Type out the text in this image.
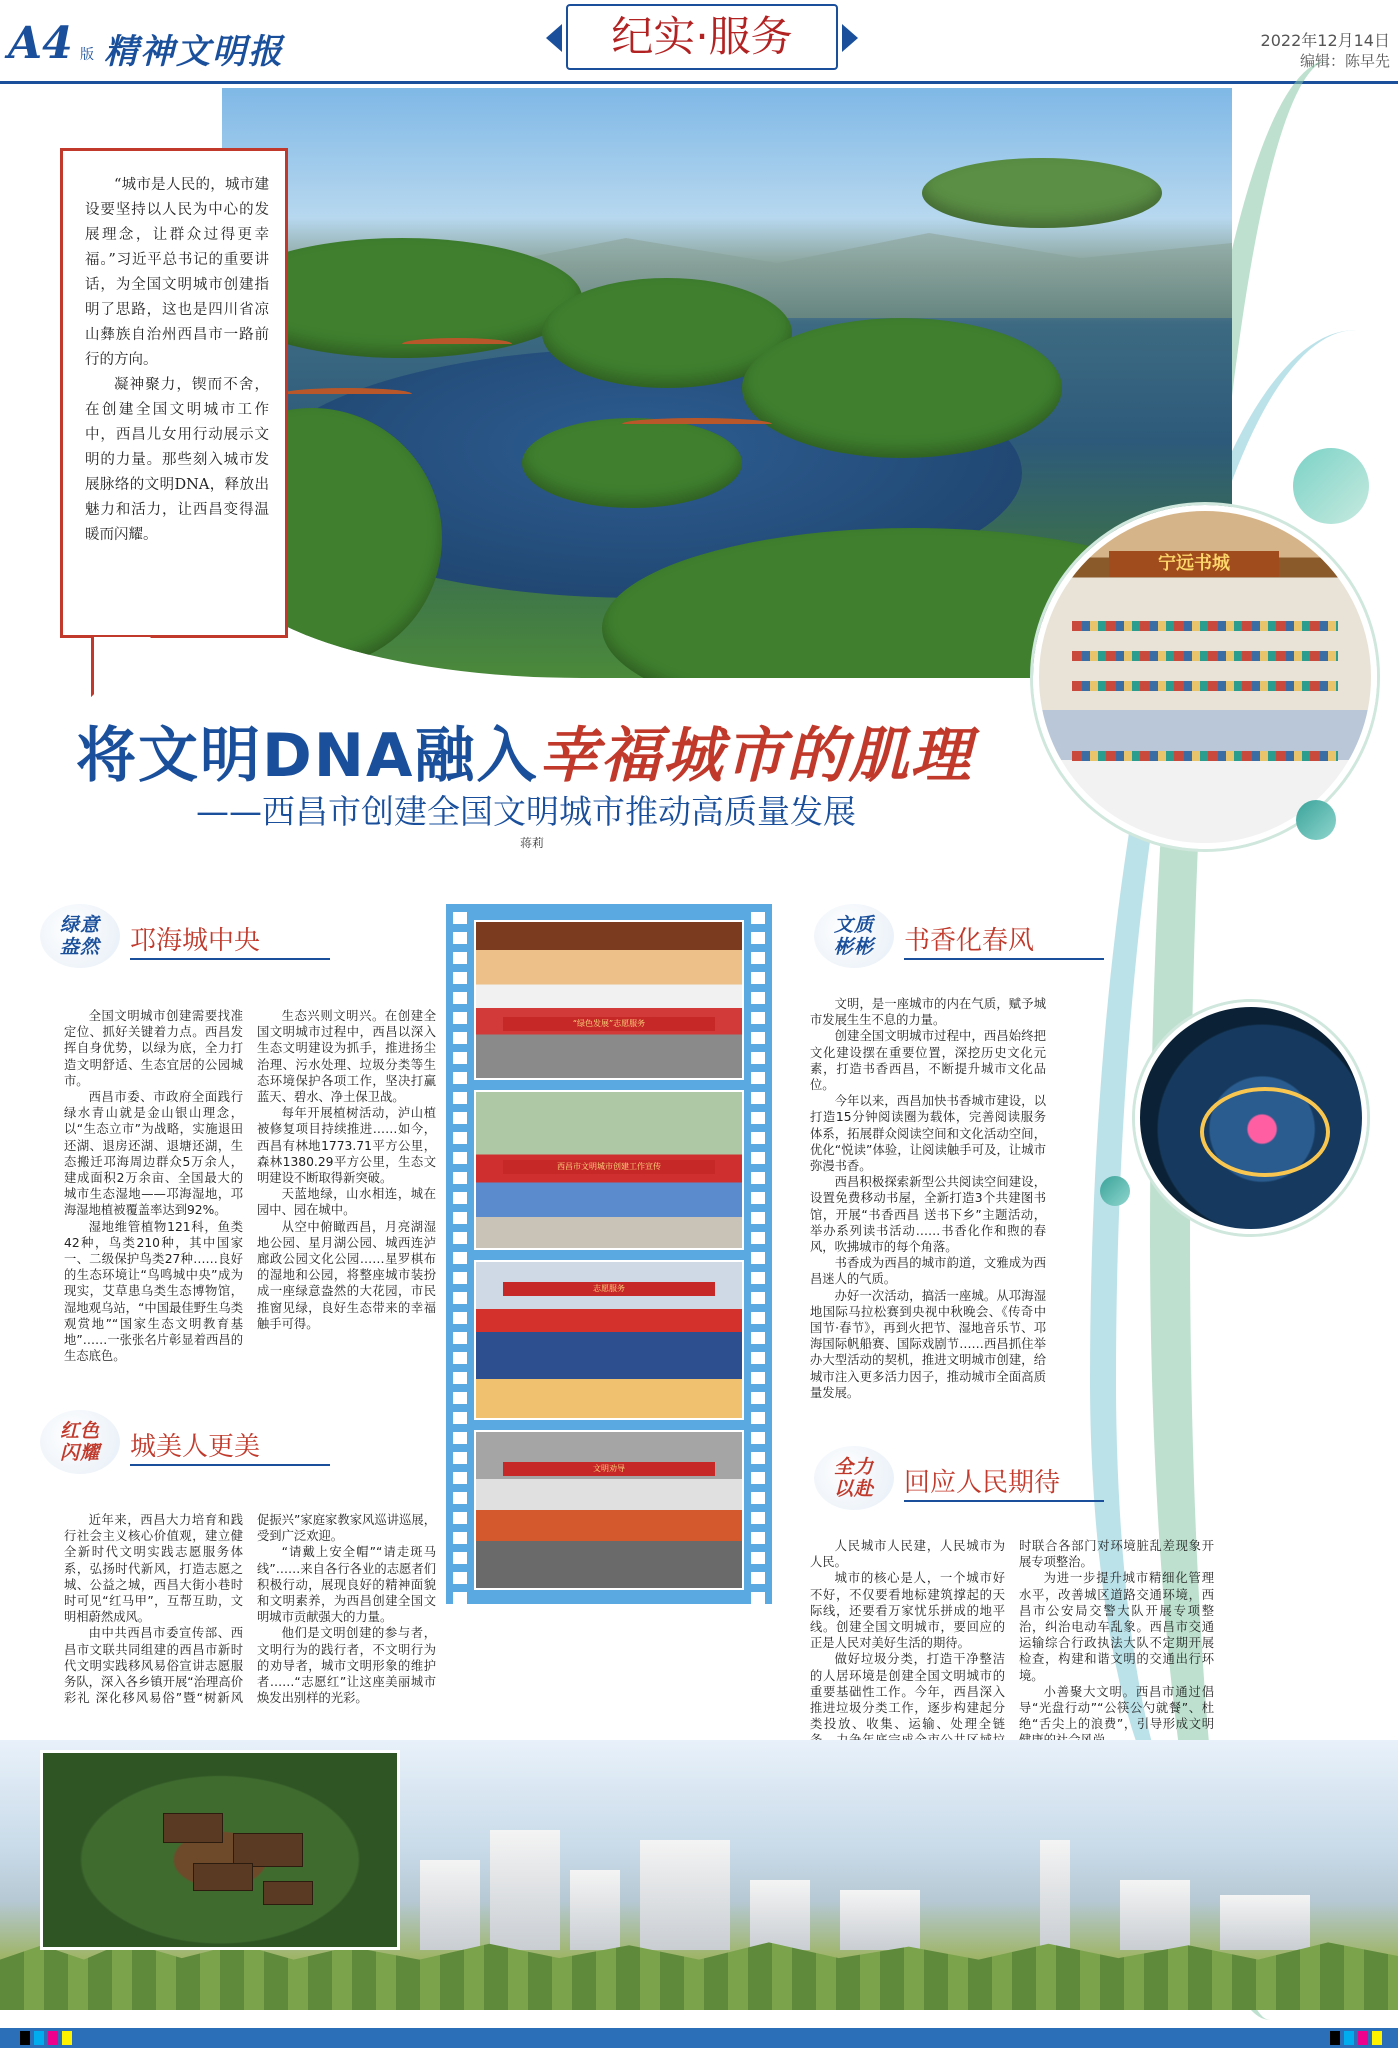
A4 版 精神文明报	纪实·服务	2022年12月14日
编辑：陈早先

“城市是人民的，城市建设要坚持以人民为中心的发展理念，让群众过得更幸福。”习近平总书记的重要讲话，为全国文明城市创建指明了思路，这也是四川省凉山彝族自治州西昌市一路前行的方向。

凝神聚力，锲而不舍，在创建全国文明城市工作中，西昌儿女用行动展示文明的力量。那些刻入城市发展脉络的文明DNA，释放出魅力和活力，让西昌变得温暖而闪耀。

宁远书城
将文明DNA融入幸福城市的肌理
——西昌市创建全国文明城市推动高质量发展
蒋莉
绿意
盎然	邛海城中央

全国文明城市创建需要找准定位、抓好关键着力点。西昌发挥自身优势，以绿为底，全力打造文明舒适、生态宜居的公园城市。

西昌市委、市政府全面践行绿水青山就是金山银山理念，以“生态立市”为战略，实施退田还湖、退房还湖、退塘还湖，生态搬迁邛海周边群众5万余人，建成面积2万余亩、全国最大的城市生态湿地——邛海湿地，邛海湿地植被覆盖率达到92%。

湿地维管植物121科，鱼类42种，鸟类210种，其中国家一、二级保护鸟类27种……良好的生态环境让“鸟鸣城中央”成为现实，艾草患乌类生态博物馆，湿地观乌站，“中国最佳野生乌类观赏地”“国家生态文明教育基地”……一张张名片彰显着西昌的生态底色。

生态兴则文明兴。在创建全国文明城市过程中，西昌以深入生态文明建设为抓手，推进扬尘治理、污水处理、垃圾分类等生态环境保护各项工作，坚决打赢蓝天、碧水、净土保卫战。

每年开展植树活动，泸山植被修复项目持续推进……如今，西昌有林地1773.71平方公里，森林1380.29平方公里，生态文明建设不断取得新突破。

天蓝地绿，山水相连，城在园中、园在城中。

从空中俯瞰西昌，月亮湖湿地公园、星月湖公园、城西连泸廊政公园文化公园……星罗棋布的湿地和公园，将整座城市装扮成一座绿意盎然的大花园，市民推窗见绿，良好生态带来的幸福触手可得。

红色
闪耀	城美人更美

近年来，西昌大力培育和践行社会主义核心价值观，建立健全新时代文明实践志愿服务体系，弘扬时代新风，打造志愿之城、公益之城，西昌大街小巷时时可见“红马甲”，互帮互助，文明相蔚然成风。

由中共西昌市委宣传部、西昌市文联共同组建的西昌市新时代文明实践移风易俗宣讲志愿服务队，深入各乡镇开展“治理高价彩礼 深化移风易俗”暨“树新风 促振兴”家庭家教家风巡讲巡展，受到广泛欢迎。

“请戴上安全帽”“请走斑马线”……来自各行各业的志愿者们积极行动，展现良好的精神面貌和文明素养，为西昌创建全国文明城市贡献强大的力量。

他们是文明创建的参与者，文明行为的践行者，不文明行为的劝导者，城市文明形象的维护者……“志愿红”让这座美丽城市焕发出别样的光彩。

“绿色发展”志愿服务
西昌市文明城市创建工作宣传
志愿服务
文明劝导
文质
彬彬	书香化春风

文明，是一座城市的内在气质，赋予城市发展生生不息的力量。

创建全国文明城市过程中，西昌始终把文化建设摆在重要位置，深挖历史文化元素，打造书香西昌，不断提升城市文化品位。

今年以来，西昌加快书香城市建设，以打造15分钟阅读圈为载体，完善阅读服务体系，拓展群众阅读空间和文化活动空间，优化“悦读”体验，让阅读触手可及，让城市弥漫书香。

西昌积极探索新型公共阅读空间建设，设置免费移动书屋，全新打造3个共建图书馆，开展“书香西昌 送书下乡”主题活动，举办系列读书活动……书香化作和煦的春风，吹拂城市的每个角落。

书香成为西昌的城市韵道，文雅成为西昌迷人的气质。

办好一次活动，搞活一座城。从邛海湿地国际马拉松赛到央视中秋晚会、《传奇中国节·春节》，再到火把节、湿地音乐节、邛海国际帆船赛、国际戏剧节……西昌抓住举办大型活动的契机，推进文明城市创建，给城市注入更多活力因子，推动城市全面高质量发展。

全力
以赴	回应人民期待

人民城市人民建，人民城市为人民。

城市的核心是人，一个城市好不好，不仅要看地标建筑撑起的天际线，还要看万家忧乐拼成的地平线。创建全国文明城市，要回应的正是人民对美好生活的期待。

做好垃圾分类，打造干净整洁的人居环境是创建全国文明城市的重要基础性工作。今年，西昌深入推进垃圾分类工作，逐步构建起分类投放、收集、运输、处理全链

时联合各部门对环境脏乱差现象开展专项整治。

为进一步提升城市精细化管理水平，改善城区道路交通环境，西昌市公安局交警大队开展专项整治，纠治电动车乱象。西昌市交通运输综合行政执法大队不定期开展检查，构建和谐文明的交通出行环境。

小善聚大文明。西昌市通过倡导“光盘行动”“公筷公勺就餐”、杜绝“舌尖上的浪费”，引导形成文明
